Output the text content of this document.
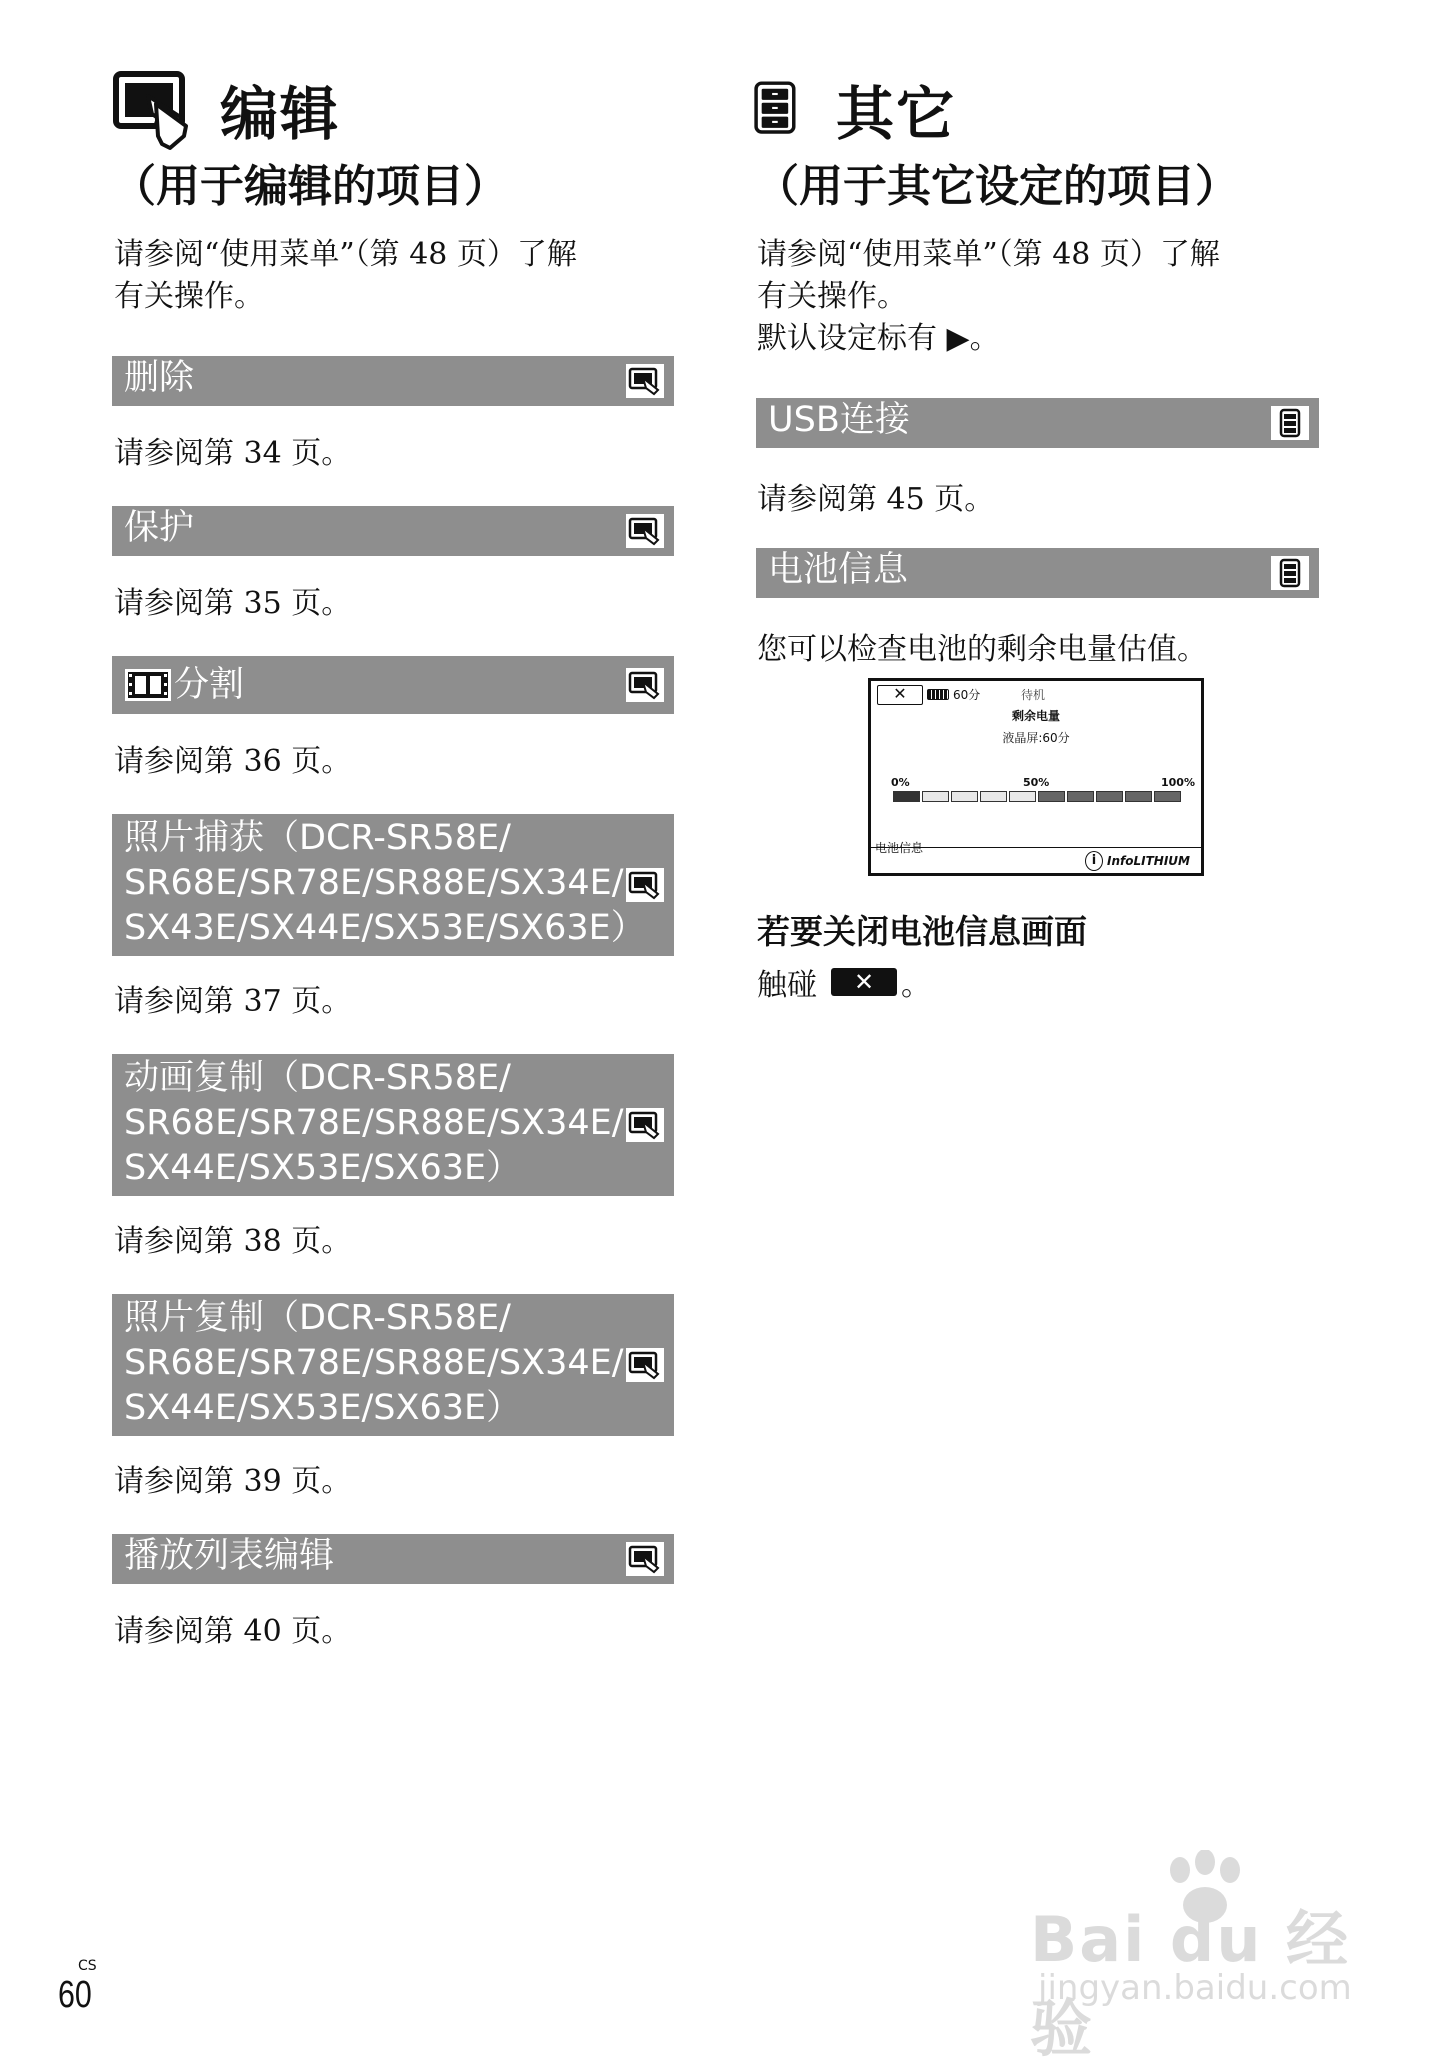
编辑
（用于编辑的项目）
请参阅“使用菜单”（第 48 页）了解
有关操作。
删除
请参阅第 34 页。
保护
请参阅第 35 页。
分割
请参阅第 36 页。
照片捕获（DCR-SR58E/
SR68E/SR78E/SR88E/SX34E/
SX43E/SX44E/SX53E/SX63E）
请参阅第 37 页。
动画复制（DCR-SR58E/
SR68E/SR78E/SR88E/SX34E/
SX44E/SX53E/SX63E）
请参阅第 38 页。
照片复制（DCR-SR58E/
SR68E/SR78E/SR88E/SX34E/
SX44E/SX53E/SX63E）
请参阅第 39 页。
播放列表编辑
请参阅第 40 页。
其它
（用于其它设定的项目）
请参阅“使用菜单”（第 48 页）了解
有关操作。
默认设定标有 ▶。
USB连接
请参阅第 45 页。
电池信息
您可以检查电池的剩余电量估值。
✕	60分	待机
剩余电量
液晶屏:60分
0%	50%	100%
电池信息
i InfoLITHIUM
若要关闭电池信息画面
触碰	✕ 。
CS
60
Bai du 经验
jingyan.baidu.com
